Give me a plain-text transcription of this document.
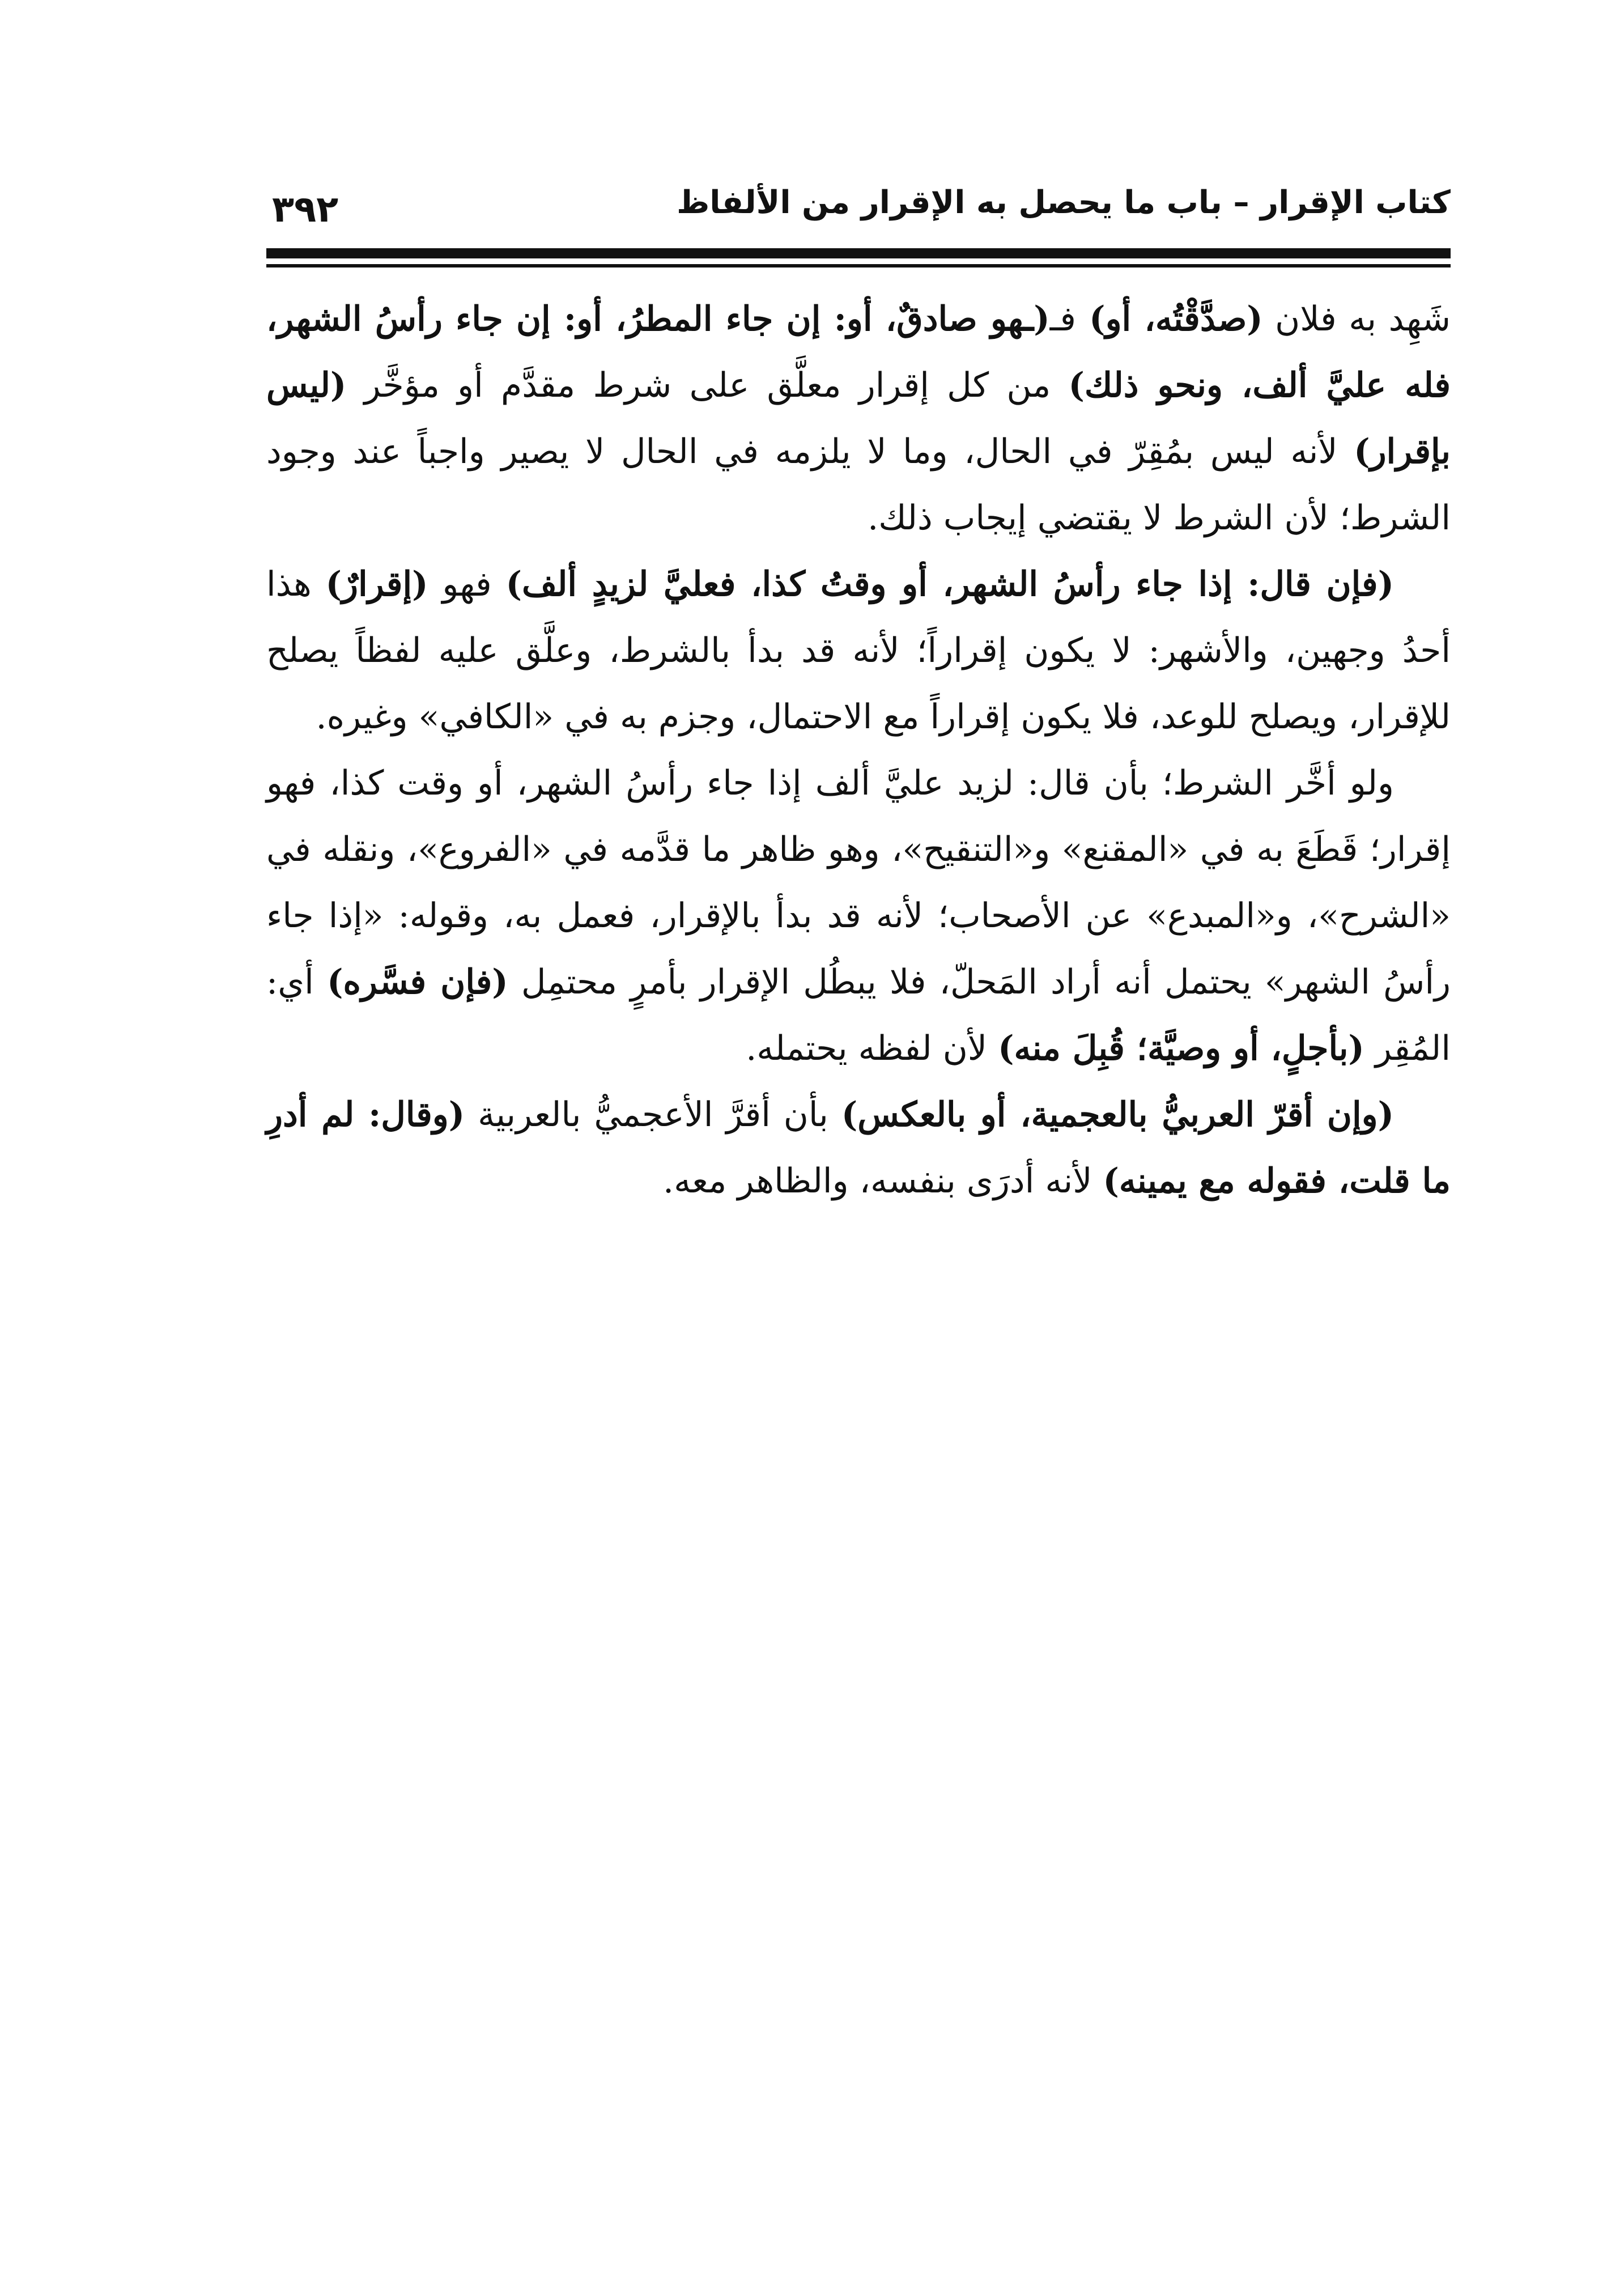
كتاب الإقرار – باب ما يحصل به الإقرار من الألفاظ
٣٩٢

شَهِد به فلان (صدَّقْتُه، أو) فـ(ـهو صادقٌ، أو: إن جاء المطرُ، أو: إن جاء رأسُ الشهر، فله عليَّ ألف، ونحو ذلك) من كل إقرار معلَّق على شرط مقدَّم أو مؤخَّر (ليس بإقرار) لأنه ليس بمُقِرّ في الحال، وما لا يلزمه في الحال لا يصير واجباً عند وجود الشرط؛ لأن الشرط لا يقتضي إيجاب ذلك.

(فإن قال: إذا جاء رأسُ الشهر، أو وقتُ كذا، فعليَّ لزيدٍ ألف) فهو (إقرارٌ) هذا أحدُ وجهين، والأشهر: لا يكون إقراراً؛ لأنه قد بدأ بالشرط، وعلَّق عليه لفظاً يصلح للإقرار، ويصلح للوعد، فلا يكون إقراراً مع الاحتمال، وجزم به في «الكافي» وغيره.

ولو أخَّر الشرط؛ بأن قال: لزيد عليَّ ألف إذا جاء رأسُ الشهر، أو وقت كذا، فهو إقرار؛ قَطَعَ به في «المقنع» و«التنقيح»، وهو ظاهر ما قدَّمه في «الفروع»، ونقله في «الشرح»، و«المبدع» عن الأصحاب؛ لأنه قد بدأ بالإقرار، فعمل به، وقوله: «إذا جاء رأسُ الشهر» يحتمل أنه أراد المَحلّ، فلا يبطُل الإقرار بأمرٍ محتمِل (فإن فسَّره) أي: المُقِر (بأجلٍ، أو وصيَّة؛ قُبِلَ منه) لأن لفظه يحتمله.

(وإن أقرّ العربيُّ بالعجمية، أو بالعكس) بأن أقرَّ الأعجميُّ بالعربية (وقال: لم أدرِ ما قلت، فقوله مع يمينه) لأنه أدرَى بنفسه، والظاهر معه.
